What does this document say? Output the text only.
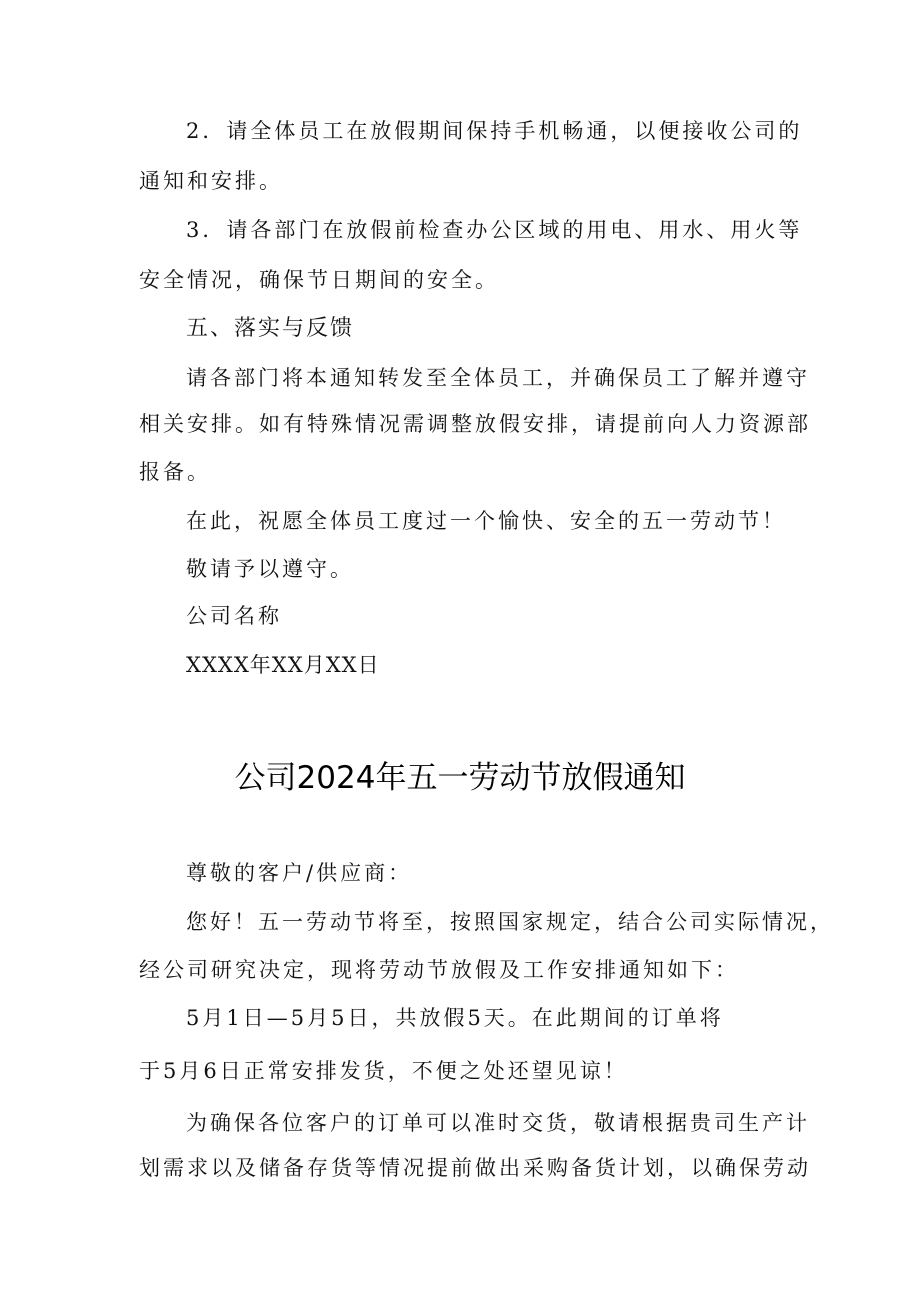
2．请全体员工在放假期间保持手机畅通，以便接收公司的
通知和安排。
3．请各部门在放假前检查办公区域的用电、用水、用火等
安全情况，确保节日期间的安全。
五、落实与反馈
请各部门将本通知转发至全体员工，并确保员工了解并遵守
相关安排。如有特殊情况需调整放假安排，请提前向人力资源部
报备。
在此，祝愿全体员工度过一个愉快、安全的五一劳动节！
敬请予以遵守。
公司名称
XXXX年XX月XX日
公司2024年五一劳动节放假通知
尊敬的客户/供应商：
您好！五一劳动节将至，按照国家规定，结合公司实际情况，
经公司研究决定，现将劳动节放假及工作安排通知如下：
5月1日—5月5日，共放假5天。在此期间的订单将
于5月6日正常安排发货，不便之处还望见谅！
为确保各位客户的订单可以准时交货，敬请根据贵司生产计
划需求以及储备存货等情况提前做出采购备货计划，以确保劳动
